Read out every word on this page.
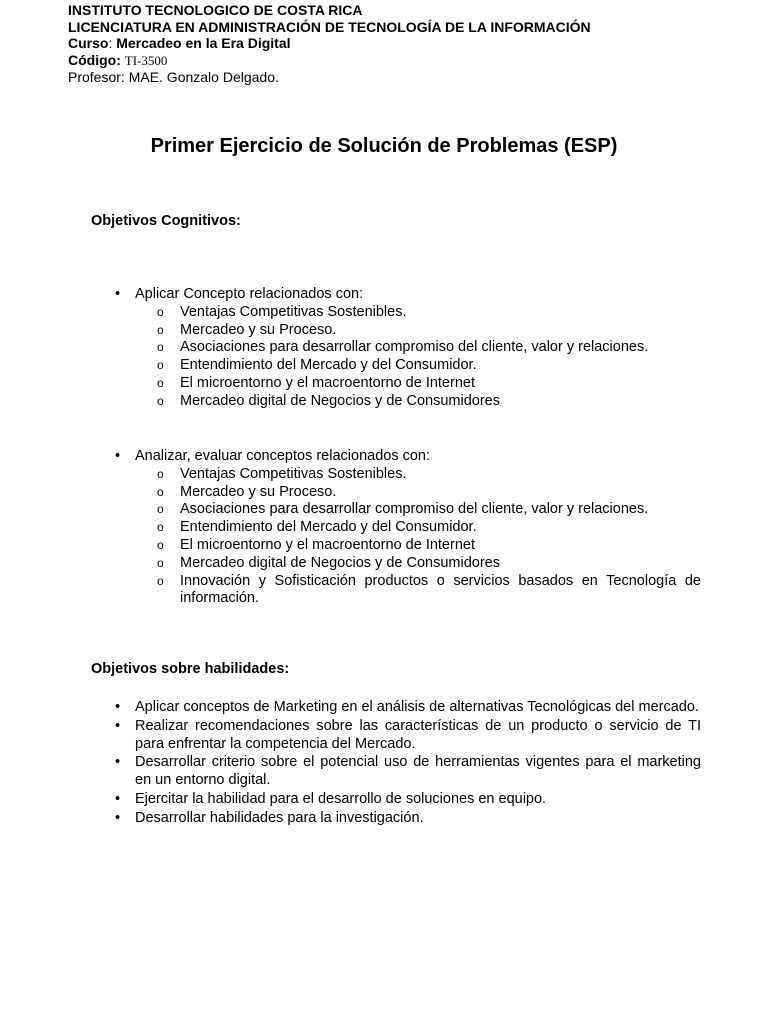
INSTITUTO TECNOLOGICO DE COSTA RICA
LICENCIATURA EN ADMINISTRACIÓN DE TECNOLOGÍA DE LA INFORMACIÓN
Curso: Mercadeo en la Era Digital
Código: TI-3500
Profesor: MAE. Gonzalo Delgado.
Primer Ejercicio de Solución de Problemas (ESP)
Objetivos Cognitivos:
•	Aplicar Concepto relacionados con:
o	Ventajas Competitivas Sostenibles.
o	Mercadeo y su Proceso.
o	Asociaciones para desarrollar compromiso del cliente, valor y relaciones.
o	Entendimiento del Mercado y del Consumidor.
o	El microentorno y el macroentorno de Internet
o	Mercadeo digital de Negocios y de Consumidores
•	Analizar, evaluar conceptos relacionados con:
o	Ventajas Competitivas Sostenibles.
o	Mercadeo y su Proceso.
o	Asociaciones para desarrollar compromiso del cliente, valor y relaciones.
o	Entendimiento del Mercado y del Consumidor.
o	El microentorno y el macroentorno de Internet
o	Mercadeo digital de Negocios y de Consumidores
o	Innovación y Sofisticación productos o servicios basados en Tecnología de información.
Objetivos sobre habilidades:
•	Aplicar conceptos de Marketing en el análisis de alternativas Tecnológicas del mercado.
•	Realizar recomendaciones sobre las características de un producto o servicio de TI para enfrentar la competencia del Mercado.
•	Desarrollar criterio sobre el potencial uso de herramientas vigentes para el marketing en un entorno digital.
•	Ejercitar la habilidad para el desarrollo de soluciones en equipo.
•	Desarrollar habilidades para la investigación.
